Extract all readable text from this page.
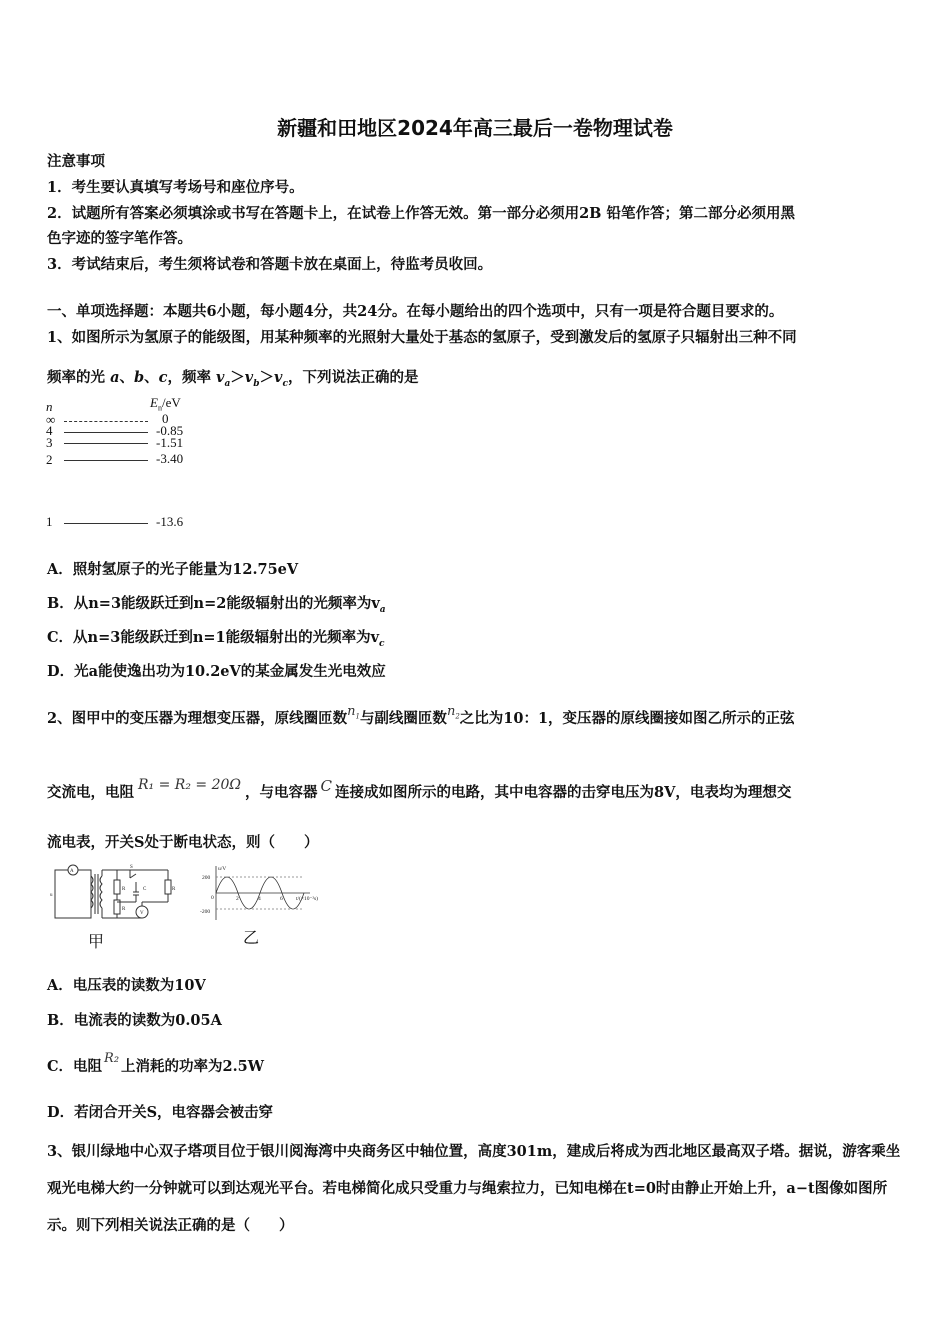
新疆和田地区2024年高三最后一卷物理试卷
注意事项
1．考生要认真填写考场号和座位序号。
2．试题所有答案必须填涂或书写在答题卡上，在试卷上作答无效。第一部分必须用2B 铅笔作答；第二部分必须用黑
色字迹的签字笔作答。
3．考试结束后，考生须将试卷和答题卡放在桌面上，待监考员收回。
一、单项选择题：本题共6小题，每小题4分，共24分。在每小题给出的四个选项中，只有一项是符合题目要求的。
1、如图所示为氢原子的能级图，用某种频率的光照射大量处于基态的氢原子，受到激发后的氢原子只辐射出三种不同
频率的光 a、b、c，频率 $v_a>v_b>v_c$，下列说法正确的是
n	$E_n/eV$
∞	0
4	-0.85
3	-1.51
2	-3.40
1	-13.6
A．照射氢原子的光子能量为12.75eV
B．从n=3能级跃迁到n=2能级辐射出的光频率为$v_a$
C．从n=3能级跃迁到n=1能级辐射出的光频率为$v_c$
D．光a能使逸出功为10.2eV的某金属发生光电效应
2、图甲中的变压器为理想变压器，原线圈匝数$n_1$与副线圈匝数$n_2$之比为10：1，变压器的原线圈接如图乙所示的正弦
交流电，电阻 R₁ = R₂ = 20Ω ，与电容器 C 连接成如图所示的电路，其中电容器的击穿电压为8V，电表均为理想交
流电表，开关S处于断电状态，则（　　）
A
V
R
R
C	R
S
u
甲
u/V
200
-200
0	2	4	6 t/(×10⁻²s)
乙
A．电压表的读数为10V
B．电流表的读数为0.05A
C．电阻 R₂ 上消耗的功率为2.5W
D．若闭合开关S，电容器会被击穿
3、银川绿地中心双子塔项目位于银川阅海湾中央商务区中轴位置，高度301m，建成后将成为西北地区最高双子塔。据说，游客乘坐观光电梯大约一分钟就可以到达观光平台。若电梯简化成只受重力与绳索拉力，已知电梯在t=0时由静止开始上升，a−t图像如图所示。则下列相关说法正确的是（　　）
